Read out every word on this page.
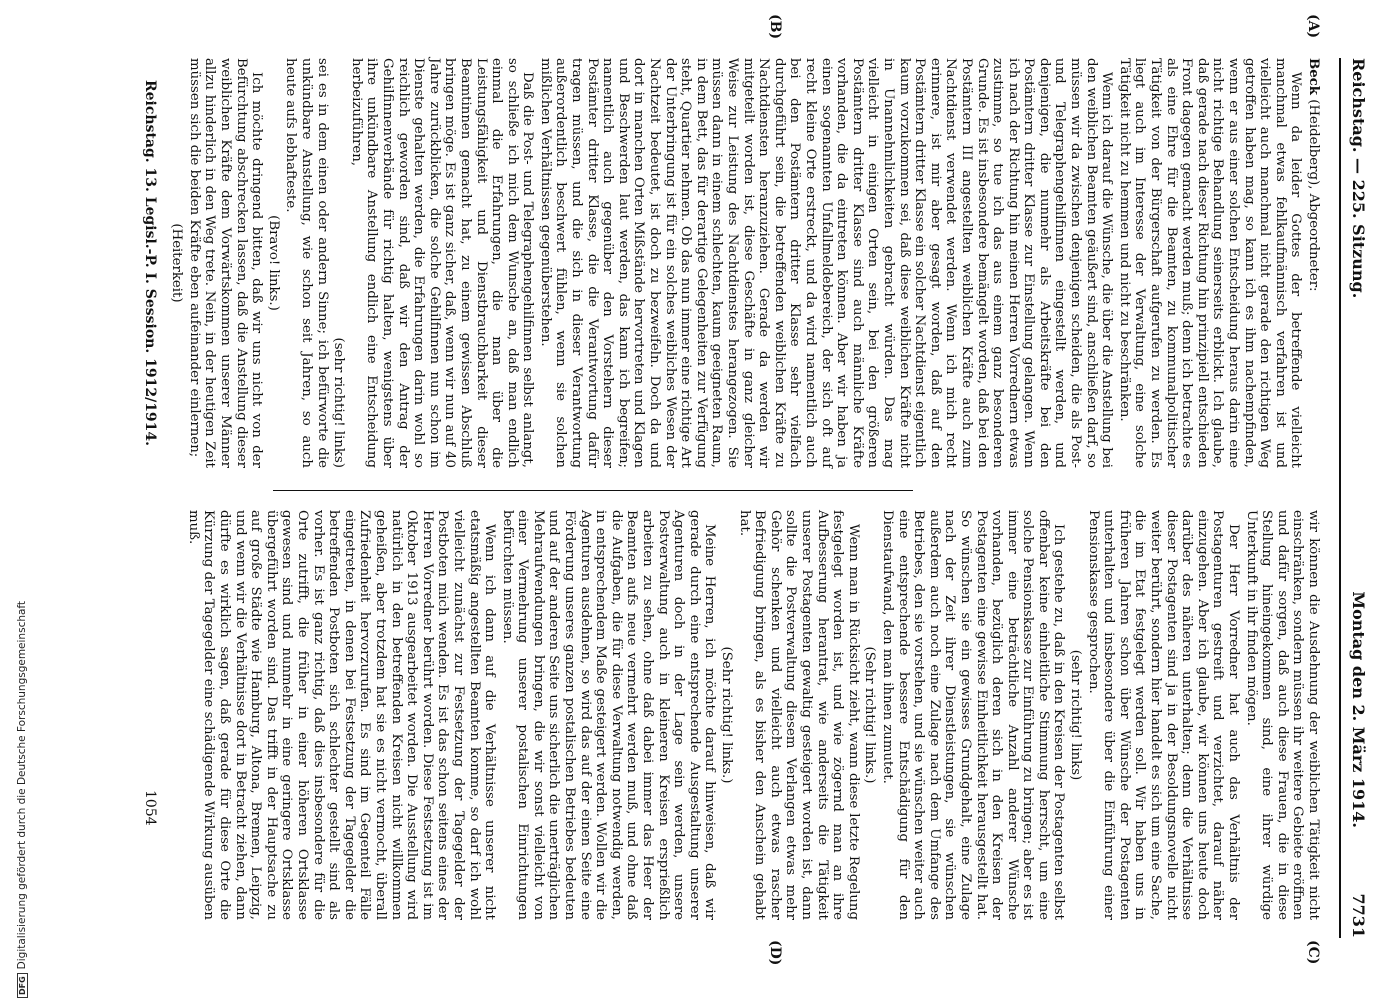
Reichstag. — 225. Sitzung.
Montag den 2. März 1914.
7731
(A)
(B)
(C)
(D)

Beck (Heidelberg), Abgeordneter:

Wenn da leider Gottes der betreffende vielleicht manchmal etwas fehlkaufmännisch verfahren ist und vielleicht auch manchmal nicht gerade den richtigen Weg getroffen haben mag, so kann ich es ihm nachempfinden, wenn er aus einer solchen Entscheidung heraus darin eine nicht richtige Behandlung seinerseits erblickt. Ich glaube, daß gerade nach dieser Richtung hin prinzipiell entschieden Front dagegen gemacht werden muß; denn ich betrachte es als eine Ehre für die Beamten, zu kommunalpolitischer Tätigkeit von der Bürgerschaft aufgerufen zu werden. Es liegt auch im Interesse der Verwaltung, eine solche Tätigkeit nicht zu hemmen und nicht zu beschränken.

Wenn ich darauf die Wünsche, die über die Anstellung bei den weiblichen Beamten geäußert sind, anschließen darf, so müssen wir da zwischen denjenigen scheiden, die als Post- und Telegraphengehilfinnen eingestellt werden, und denjenigen, die nunmehr als Arbeitskräfte bei den Postämtern dritter Klasse zur Einstellung gelangen. Wenn ich nach der Richtung hin meinen Herren Vorrednern etwas zustimme, so tue ich das aus einem ganz besonderen Grunde. Es ist insbesondere bemängelt worden, daß bei den Postämtern III angestellten weiblichen Kräfte auch zum Nachtdienst verwendet werden. Wenn ich mich recht erinnere, ist mir aber gesagt worden, daß auf den Postämtern dritter Klasse ein solcher Nachtdienst eigentlich kaum vorzukommen sei, daß diese weiblichen Kräfte nicht in Unannehmlichkeiten gebracht würden. Das mag vielleicht in einigen Orten sein, bei den größeren Postämtern dritter Klasse sind auch männliche Kräfte vorhanden, die da eintreten können. Aber wir haben ja einen sogenannten Unfallmeldebereich, der sich oft auf recht kleine Orte erstreckt, und da wird namentlich auch bei den Postämtern dritter Klasse sehr vielfach durchgeführt sein, die betreffenden weiblichen Kräfte zu Nachtdiensten heranzuziehen. Gerade da werden wir mitgeteilt worden ist, diese Geschäfte in ganz gleicher Weise zur Leistung des Nachtdienstes herangezogen. Sie müssen dann in einem schlechten, kaum geeigneten Raum, in dem Bett, das für derartige Gelegenheiten zur Verfügung steht, Quartier nehmen. Ob das nun immer eine richtige Art der Unterbringung ist für ein solches weibliches Wesen der Nachtzeit bedeutet, ist doch zu bezweifeln. Doch da und dort in manchen Orten Mißstände hervortreten und Klagen und Beschwerden laut werden, das kann ich begreifen; namentlich auch gegenüber den Vorstehern dieser Postämter dritter Klasse, die die Verantwortung dafür tragen müssen, und die sich in dieser Verantwortung außerordentlich beschwert fühlen, wenn sie solchen mißlichen Verhältnissen gegenüberstehen.

Daß die Post- und Telegraphengehilfinnen selbst anlangt, so schließe ich mich dem Wunsche an, daß man endlich einmal die Erfahrungen, die man über die Leistungsfähigkeit und Dienstbrauchbarkeit dieser Beamtinnen gemacht hat, zu einem gewissen Abschluß bringen möge. Es ist ganz sicher, daß, wenn wir nun auf 40 Jahre zurückblicken, die solche Gehilfinnen nun schon im Dienste gehalten werden, die Erfahrungen darin wohl so reichlich geworden sind, daß wir den Antrag der Gehilfinnenverbände für richtig halten, wenigstens über ihre unkündbare Anstellung endlich eine Entscheidung herbeizuführen,

(sehr richtig! links)

sei es in dem einen oder andern Sinne; ich befürworte die unkündbare Anstellung, wie schon seit Jahren, so auch heute aufs lebhafteste.

(Bravo! links.)

Ich möchte dringend bitten, daß wir uns nicht von der Befürchtung abschrecken lassen, daß die Anstellung dieser weiblichen Kräfte dem Vorwärtskommen unserer Männer allzu hinderlich in den Weg trete. Nein, in der heutigen Zeit müssen sich die beiden Kräfte eben aufeinander einlernen;

(Heiterkeit)

wir können die Ausdehnung der weiblichen Tätigkeit nicht einschränken, sondern müssen ihr weitere Gebiete eröffnen und dafür sorgen, daß auch diese Frauen, die in diese Stellung hineingekommen sind, eine ihrer würdige Unterkunft in ihr finden mögen.

Der Herr Vorredner hat auch das Verhältnis der Postagenturen gestreift und verzichtet, darauf näher einzugehen. Aber ich glaube, wir können uns heute doch darüber des näheren unterhalten; denn die Verhältnisse dieser Postagenten sind ja in der Besoldungsnovelle nicht weiter berührt, sondern hier handelt es sich um eine Sache, die im Etat festgelegt werden soll. Wir haben uns in früheren Jahren schon über Wünsche der Postagenten unterhalten und insbesondere über die Einführung einer Pensionskasse gesprochen.

(sehr richtig! links)

Ich gestehe zu, daß in den Kreisen der Postagenten selbst offenbar keine einheitliche Stimmung herrscht, um eine solche Pensionskasse zur Einführung zu bringen; aber es ist immer eine beträchtliche Anzahl anderer Wünsche vorhanden, bezüglich deren sich in den Kreisen der Postagenten eine gewisse Einheitlichkeit herausgestellt hat. So wünschen sie ein gewisses Grundgehalt, eine Zulage nach der Zeit ihrer Dienstleistungen, sie wünschen außerdem auch noch eine Zulage nach dem Umfange des Betriebes, den sie vorstehen, und sie wünschen weiter auch eine entsprechende bessere Entschädigung für den Dienstaufwand, den man ihnen zumutet.

(Sehr richtig! links.)

Wenn man in Rücksicht zieht, wann diese letzte Regelung festgelegt worden ist, und wie zögernd man an ihre Aufbesserung herantrat, wie anderseits die Tätigkeit unserer Postagenten gewaltig gesteigert worden ist, dann sollte die Postverwaltung diesem Verlangen etwas mehr Gehör schenken und vielleicht auch etwas rascher Befriedigung bringen, als es bisher den Anschein gehabt hat.

(Sehr richtig! links.)

Meine Herren, ich möchte darauf hinweisen, daß wir gerade durch eine entsprechende Ausgestaltung unserer Agenturen doch in der Lage sein werden, unsere Postverwaltung auch in kleineren Kreisen ersprießlich arbeiten zu sehen, ohne daß dabei immer das Heer der Beamten aufs neue vermehrt werden muß, und ohne daß die Aufgaben, die für diese Verwaltung notwendig werden, in entsprechendem Maße gesteigert werden. Wollen wir die Agenturen ausdehnen, so wird das auf der einen Seite eine Förderung unseres ganzen postalischen Betriebes bedeuten und auf der anderen Seite uns sicherlich die unerträglichen Mehraufwendungen bringen, die wir sonst vielleicht von einer Vermehrung unserer postalischen Einrichtungen befürchten müssen.

Wenn ich dann auf die Verhältnisse unserer nicht etatsmäßig angestellten Beamten komme, so darf ich wohl vielleicht zunächst zur Festsetzung der Tagegelder der Postboten mich wenden. Es ist das schon seitens eines der Herren Vorredner berührt worden. Diese Festsetzung ist im Oktober 1913 ausgearbeitet worden. Die Ausstellung wird natürlich in den betreffenden Kreisen nicht willkommen geheißen, aber trotzdem hat sie es nicht vermocht, überall Zufriedenheit hervorzurufen. Es sind im Gegenteil Fälle eingetreten, in denen bei Festsetzung der Tagegelder die betreffenden Postboten sich schlechter gestellt sind als vorher. Es ist ganz richtig, daß dies insbesondere für die Orte zutrifft, die früher in einer höheren Ortsklasse gewesen sind und nunmehr in eine geringere Ortsklasse übergeführt worden sind. Das trifft in der Hauptsache zu auf große Städte wie Hamburg, Altona, Bremen, Leipzig, und wenn wir die Verhältnisse dort in Betracht ziehen, dann dürfte es wirklich sagen, daß gerade für diese Orte die Kürzung der Tagegelder eine schädigende Wirkung ausüben muß.

Reichstag. 13. Legisl.-P. I. Session. 1912/1914.
1054
DFGDigitalisierung gefördert durch die Deutsche Forschungsgemeinschaft
